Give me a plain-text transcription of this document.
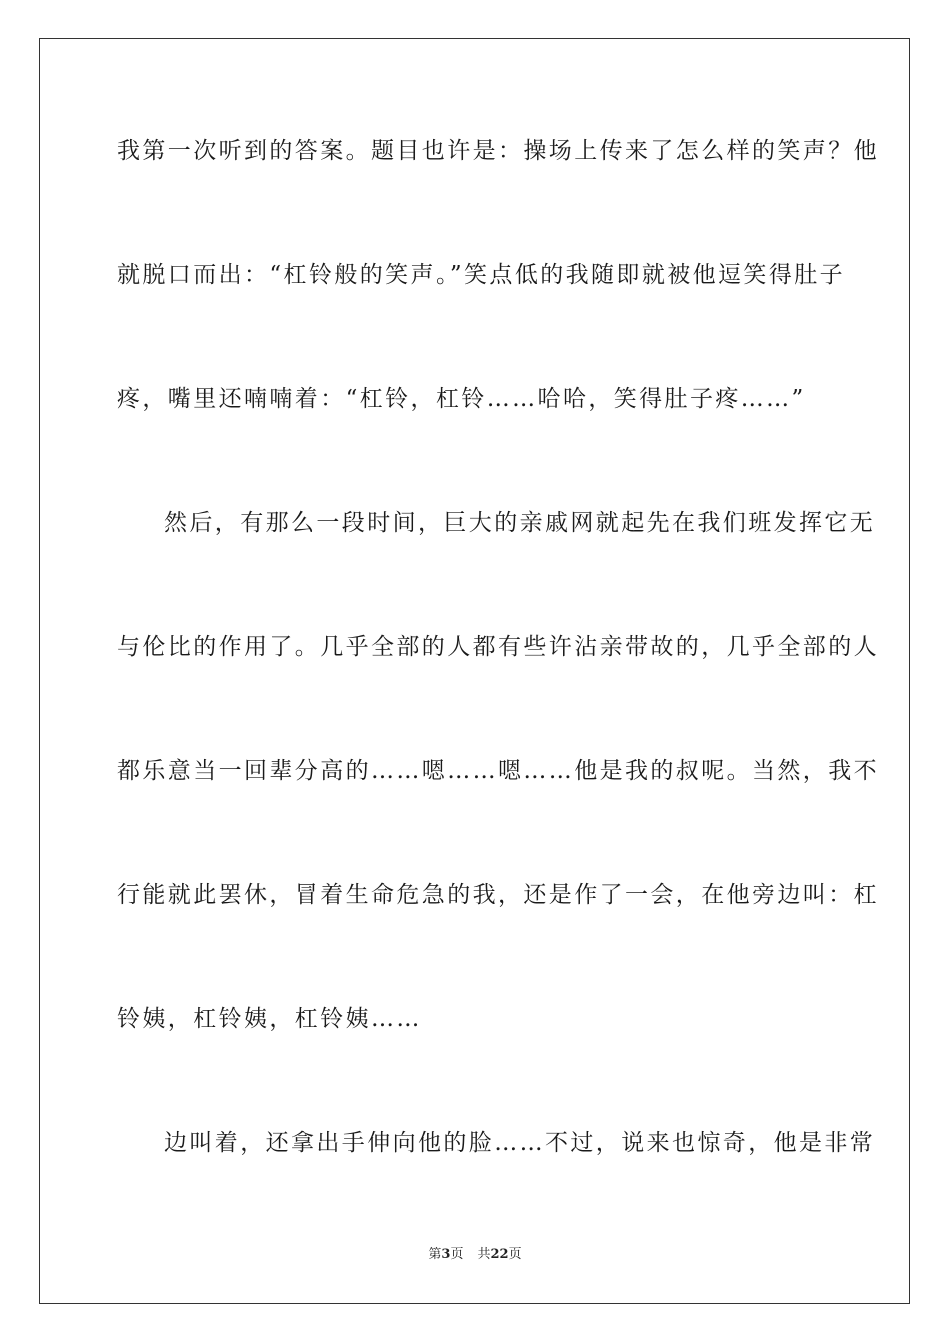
我第一次听到的答案。题目也许是：操场上传来了怎么样的笑声？他
就脱口而出：“杠铃般的笑声。”笑点低的我随即就被他逗笑得肚子
疼，嘴里还喃喃着：“杠铃，杠铃……哈哈，笑得肚子疼……”
然后，有那么一段时间，巨大的亲戚网就起先在我们班发挥它无
与伦比的作用了。几乎全部的人都有些许沾亲带故的，几乎全部的人
都乐意当一回辈分高的……嗯……嗯……他是我的叔呢。当然，我不
行能就此罢休，冒着生命危急的我，还是作了一会，在他旁边叫：杠
铃姨，杠铃姨，杠铃姨……
边叫着，还拿出手伸向他的脸……不过，说来也惊奇，他是非常
第3页 共22页
